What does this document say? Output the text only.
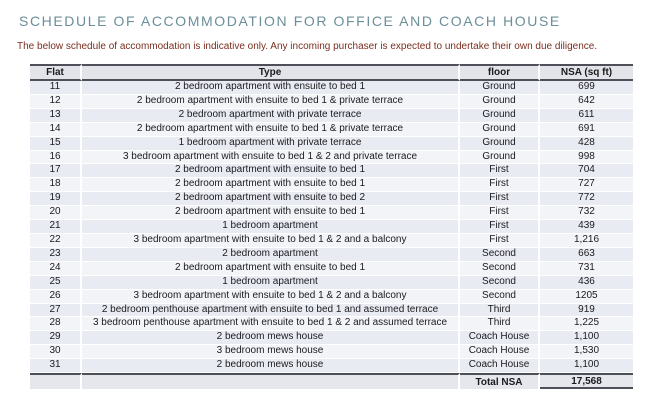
SCHEDULE OF ACCOMMODATION FOR OFFICE AND COACH HOUSE
The below schedule of accommodation is indicative only. Any incoming purchaser is expected to undertake their own due diligence.
Flat	Type	floor	NSA (sq ft)
11	2 bedroom apartment with ensuite to bed 1	Ground	699
12	2 bedroom apartment with ensuite to bed 1 & private terrace	Ground	642
13	2 bedroom apartment with private terrace	Ground	611
14	2 bedroom apartment with ensuite to bed 1 & private terrace	Ground	691
15	1 bedroom apartment with private terrace	Ground	428
16	3 bedroom apartment with ensuite to bed 1 & 2 and private terrace	Ground	998
17	2 bedroom apartment with ensuite to bed 1	First	704
18	2 bedroom apartment with ensuite to bed 1	First	727
19	2 bedroom apartment with ensuite to bed 2	First	772
20	2 bedroom apartment with ensuite to bed 1	First	732
21	1 bedroom apartment	First	439
22	3 bedroom apartment with ensuite to bed 1 & 2 and a balcony	First	1,216
23	2 bedroom apartment	Second	663
24	2 bedroom apartment with ensuite to bed 1	Second	731
25	1 bedroom apartment	Second	436
26	3 bedroom apartment with ensuite to bed 1 & 2 and a balcony	Second	1205
27	2 bedroom penthouse apartment with ensuite to bed 1 and assumed terrace	Third	919
28	3 bedroom penthouse apartment with ensuite to bed 1 & 2 and assumed terrace	Third	1,225
29	2 bedroom mews house	Coach House	1,100
30	3 bedroom mews house	Coach House	1,530
31	2 bedroom mews house	Coach House	1,100
		Total NSA	17,568
